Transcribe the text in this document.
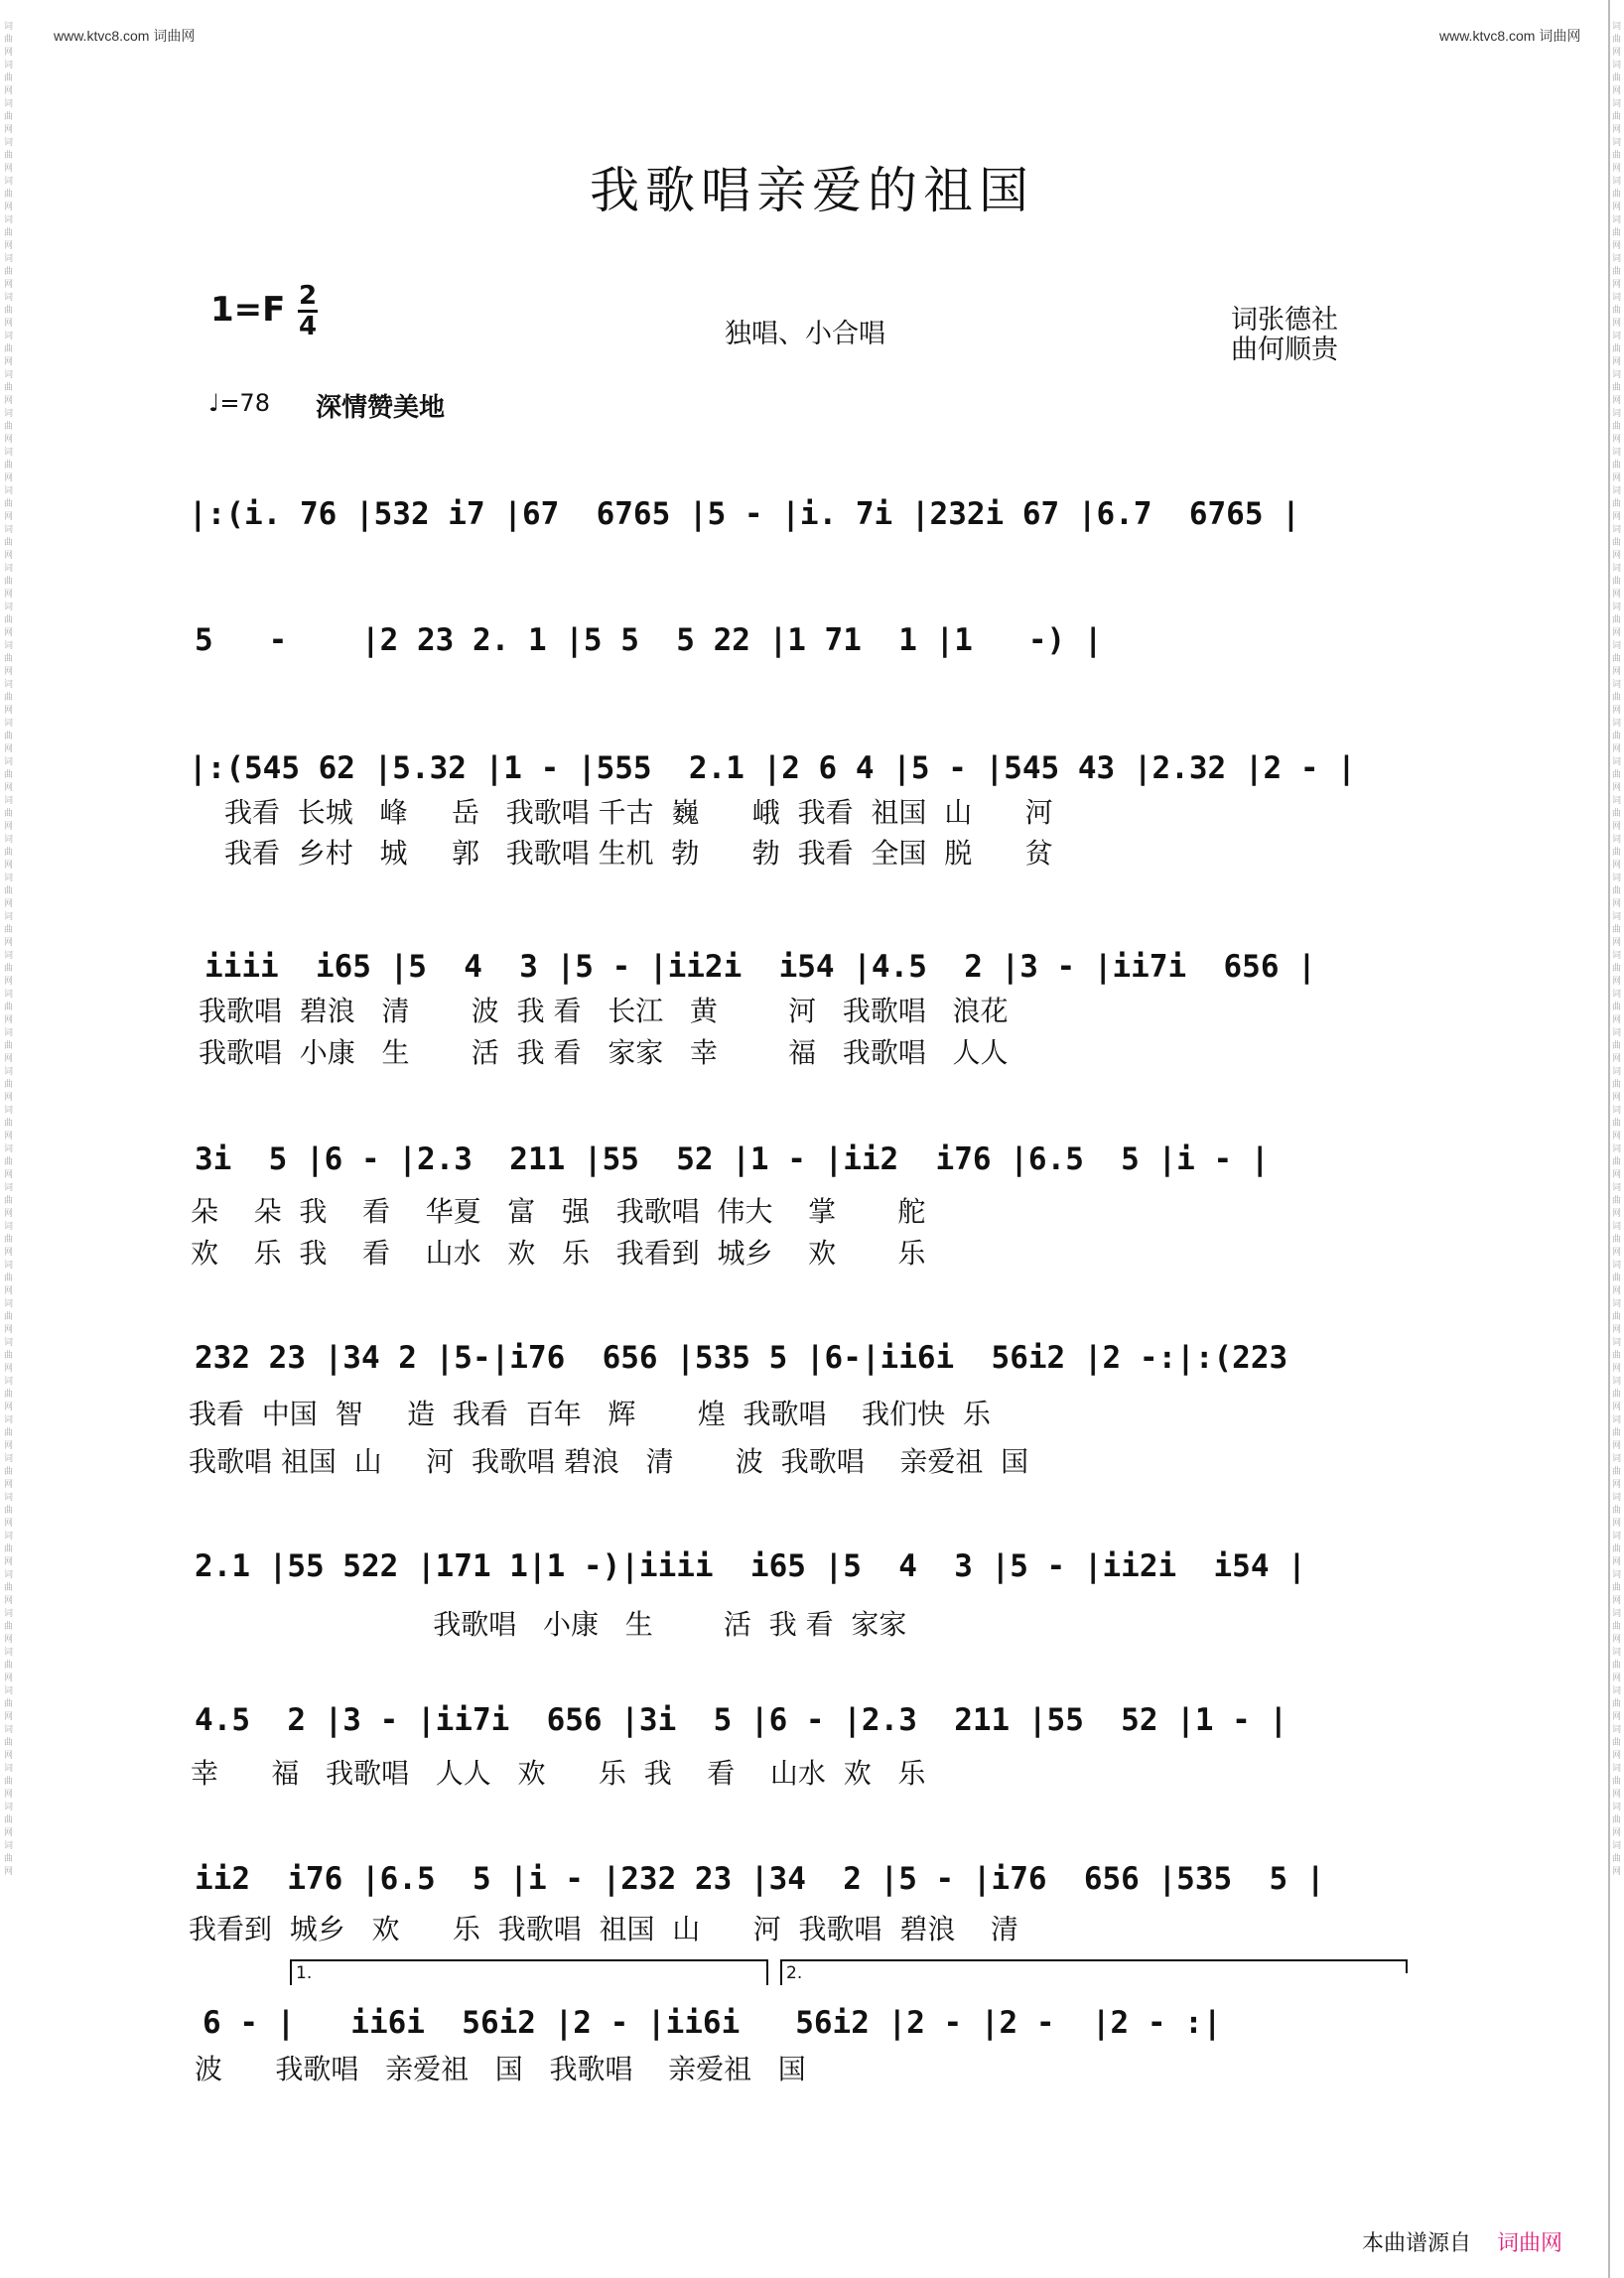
词曲网词曲网词曲网词曲网词曲网词曲网词曲网词曲网词曲网词曲网词曲网词曲网词曲网词曲网词曲网词曲网词曲网词曲网词曲网词曲网词曲网词曲网词曲网词曲网词曲网词曲网词曲网词曲网词曲网词曲网词曲网词曲网词曲网词曲网词曲网词曲网词曲网词曲网词曲网词曲网词曲网词曲网词曲网词曲网词曲网词曲网词曲网词曲网
词曲网词曲网词曲网词曲网词曲网词曲网词曲网词曲网词曲网词曲网词曲网词曲网词曲网词曲网词曲网词曲网词曲网词曲网词曲网词曲网词曲网词曲网词曲网词曲网词曲网词曲网词曲网词曲网词曲网词曲网词曲网词曲网词曲网词曲网词曲网词曲网词曲网词曲网词曲网词曲网词曲网词曲网词曲网词曲网词曲网词曲网词曲网词曲网
www.ktvc8.com 词曲网	www.ktvc8.com 词曲网
我歌唱亲爱的祖国
1=F 2
4	独唱、小合唱	词张德社
曲何顺贵
♩=78 深情赞美地
|:(i. 76 |532 i7 |67  6765 |5 - |i. 7i |232i 67 |6.7  6765 |
5   -    |2 23 2. 1 |5 5  5 22 |1 71  1 |1   -) |
|:(545 62 |5.32 |1 - |555  2.1 |2 6 4 |5 - |545 43 |2.32 |2 - |
我看  长城   峰     岳   我歌唱 千古  巍      峨  我看  祖国  山      河
我看  乡村   城     郭   我歌唱 生机  勃      勃  我看  全国  脱      贫
iiii  i65 |5  4  3 |5 - |ii2i  i54 |4.5  2 |3 - |ii7i  656 |
我歌唱  碧浪   清       波  我 看   长江   黄        河   我歌唱   浪花
我歌唱  小康   生       活  我 看   家家   幸        福   我歌唱   人人
3i  5 |6 - |2.3  211 |55  52 |1 - |ii2  i76 |6.5  5 |i - |
朵    朵  我    看    华夏   富   强   我歌唱  伟大    掌       舵
欢    乐  我    看    山水   欢   乐   我看到  城乡    欢       乐
232 23 |34 2 |5-|i76  656 |535 5 |6-|ii6i  56i2 |2 -:|:(223
我看  中国  智     造  我看  百年   辉       煌  我歌唱    我们快  乐
我歌唱 祖国  山     河  我歌唱 碧浪   清       波  我歌唱    亲爱祖  国
2.1 |55 522 |171 1|1 -)|iiii  i65 |5  4  3 |5 - |ii2i  i54 |
我歌唱   小康   生        活  我 看  家家
4.5  2 |3 - |ii7i  656 |3i  5 |6 - |2.3  211 |55  52 |1 - |
幸      福   我歌唱   人人   欢      乐  我    看    山水  欢   乐
ii2  i76 |6.5  5 |i - |232 23 |34  2 |5 - |i76  656 |535  5 |
我看到  城乡   欢      乐  我歌唱  祖国  山      河  我歌唱  碧浪    清
1.	2.
6 - |   ii6i  56i2 |2 - |ii6i   56i2 |2 - |2 -  |2 - :|
波      我歌唱   亲爱祖   国   我歌唱    亲爱祖   国
本曲谱源自 词曲网
